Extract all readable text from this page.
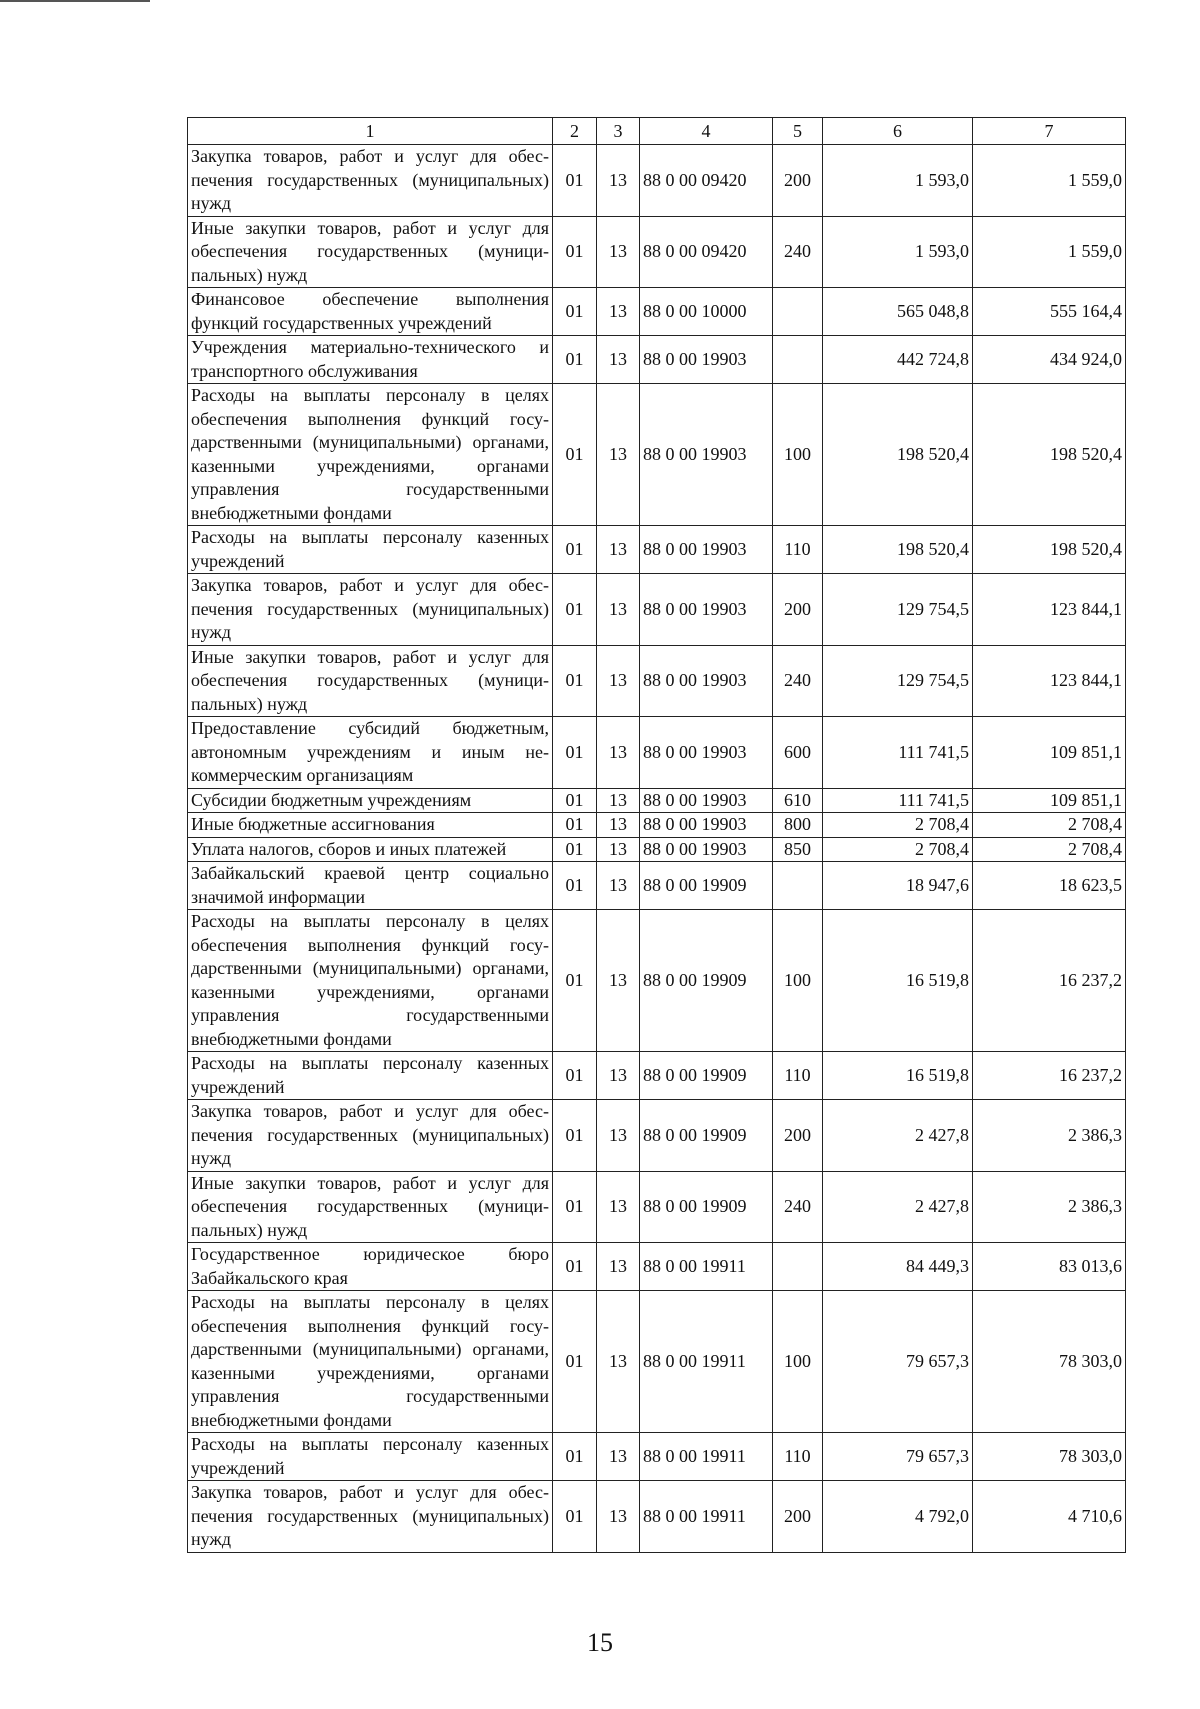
1	2	3	4	5	6	7
Закупка товаров, работ и услуг для обеспечения государственных (муниципальных) нужд	01	13	88 0 00 09420	200	1 593,0	1 559,0
Иные закупки товаров, работ и услуг для обеспечения государственных (муниципальных) нужд	01	13	88 0 00 09420	240	1 593,0	1 559,0
Финансовое обеспечение выполнения функций государственных учреждений	01	13	88 0 00 10000		565 048,8	555 164,4
Учреждения материально-технического и транспортного обслуживания	01	13	88 0 00 19903		442 724,8	434 924,0
Расходы на выплаты персоналу в целях обеспечения выполнения функций государственными (муниципальными) органами, казенными учреждениями, органами управления государственными внебюджетными фондами	01	13	88 0 00 19903	100	198 520,4	198 520,4
Расходы на выплаты персоналу казенных учреждений	01	13	88 0 00 19903	110	198 520,4	198 520,4
Закупка товаров, работ и услуг для обеспечения государственных (муниципальных) нужд	01	13	88 0 00 19903	200	129 754,5	123 844,1
Иные закупки товаров, работ и услуг для обеспечения государственных (муниципальных) нужд	01	13	88 0 00 19903	240	129 754,5	123 844,1
Предоставление субсидий бюджетным, автономным учреждениям и иным некоммерческим организациям	01	13	88 0 00 19903	600	111 741,5	109 851,1
Субсидии бюджетным учреждениям	01	13	88 0 00 19903	610	111 741,5	109 851,1
Иные бюджетные ассигнования	01	13	88 0 00 19903	800	2 708,4	2 708,4
Уплата налогов, сборов и иных платежей	01	13	88 0 00 19903	850	2 708,4	2 708,4
Забайкальский краевой центр социально значимой информации	01	13	88 0 00 19909		18 947,6	18 623,5
Расходы на выплаты персоналу в целях обеспечения выполнения функций государственными (муниципальными) органами, казенными учреждениями, органами управления государственными внебюджетными фондами	01	13	88 0 00 19909	100	16 519,8	16 237,2
Расходы на выплаты персоналу казенных учреждений	01	13	88 0 00 19909	110	16 519,8	16 237,2
Закупка товаров, работ и услуг для обеспечения государственных (муниципальных) нужд	01	13	88 0 00 19909	200	2 427,8	2 386,3
Иные закупки товаров, работ и услуг для обеспечения государственных (муниципальных) нужд	01	13	88 0 00 19909	240	2 427,8	2 386,3
Государственное юридическое бюро Забайкальского края	01	13	88 0 00 19911		84 449,3	83 013,6
Расходы на выплаты персоналу в целях обеспечения выполнения функций государственными (муниципальными) органами, казенными учреждениями, органами управления государственными внебюджетными фондами	01	13	88 0 00 19911	100	79 657,3	78 303,0
Расходы на выплаты персоналу казенных учреждений	01	13	88 0 00 19911	110	79 657,3	78 303,0
Закупка товаров, работ и услуг для обеспечения государственных (муниципальных) нужд	01	13	88 0 00 19911	200	4 792,0	4 710,6
15
